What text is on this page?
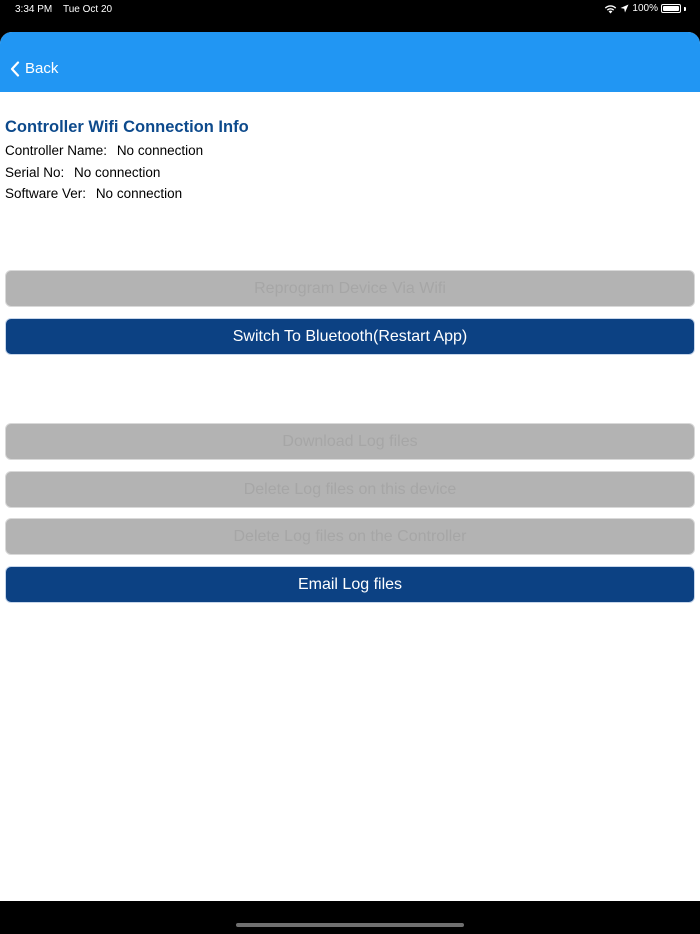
3:34 PM Tue Oct 20	100%
Back
Controller Wifi Connection Info
Controller Name: No connection
Serial No: No connection
Software Ver: No connection
Reprogram Device Via Wifi
Switch To Bluetooth(Restart App)
Download Log files
Delete Log files on this device
Delete Log files on the Controller
Email Log files
